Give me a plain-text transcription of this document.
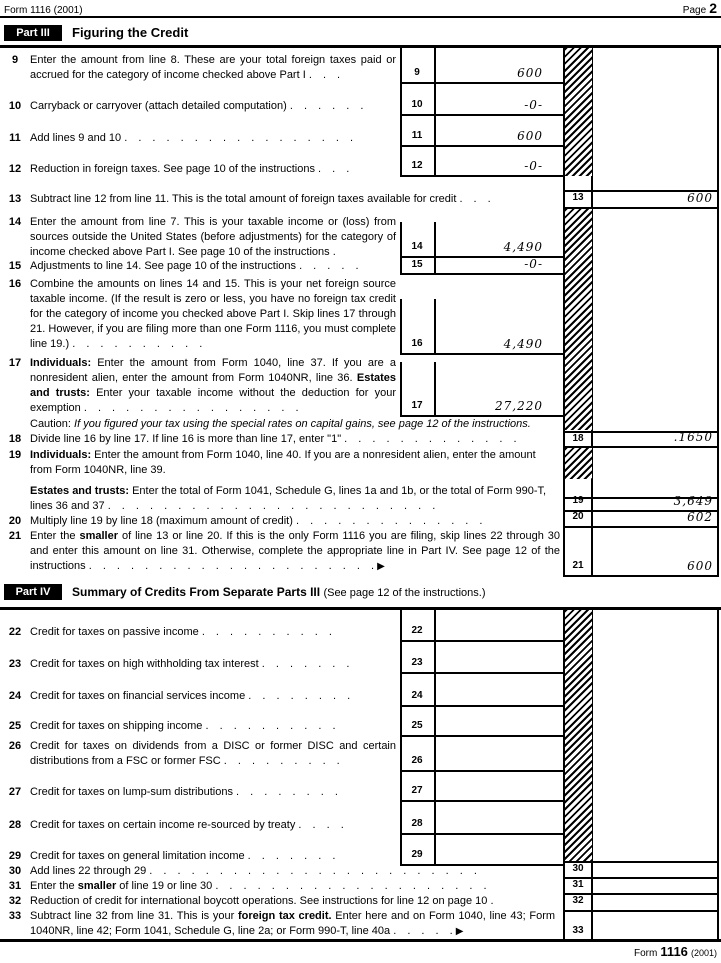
Form 1116 (2001)	Page 2
Part III	Figuring the Credit
9	Enter the amount from line 8. These are your total foreign taxes paid or accrued for the category of income checked above Part I . . .	9	600
10 Carryback or carryover (attach detailed computation) . . . . . .	10	-0-
11 Add lines 9 and 10 . . . . . . . . . . . . . . . . .	11	600
12 Reduction in foreign taxes. See page 10 of the instructions . . .	12	-0-
13 Subtract line 12 from line 11. This is the total amount of foreign taxes available for credit . . .	13	600
14 Enter the amount from line 7. This is your taxable income or (loss) from sources outside the United States (before adjustments) for the category of income checked above Part I. See page 10 of the instructions .	14	4,490
15 Adjustments to line 14. See page 10 of the instructions . . . . .	15	-0-
16 Combine the amounts on lines 14 and 15. This is your net foreign source taxable income. (If the result is zero or less, you have no foreign tax credit for the category of income you checked above Part I. Skip lines 17 through 21. However, if you are filing more than one Form 1116, you must complete line 19.) . . . . . . . . . .	16	4,490
17 Individuals: Enter the amount from Form 1040, line 37. If you are a nonresident alien, enter the amount from Form 1040NR, line 36. Estates and trusts: Enter your taxable income without the deduction for your exemption . . . . . . . . . . . . . . . .	17	27,220
Caution: If you figured your tax using the special rates on capital gains, see page 12 of the instructions.
18 Divide line 16 by line 17. If line 16 is more than line 17, enter "1" . . . . . . . . . . . . .	18	.1650
19 Individuals: Enter the amount from Form 1040, line 40. If you are a nonresident alien, enter the amount from Form 1040NR, line 39.
Estates and trusts: Enter the total of Form 1041, Schedule G, lines 1a and 1b, or the total of Form 990-T, lines 36 and 37 . . . . . . . . . . . . . . . . . . . . . . . .	19	3,649
20 Multiply line 19 by line 18 (maximum amount of credit) . . . . . . . . . . . . . .	20	602
21 Enter the smaller of line 13 or line 20. If this is the only Form 1116 you are filing, skip lines 22 through 30 and enter this amount on line 31. Otherwise, complete the appropriate line in Part IV. See page 12 of the instructions . . . . . . . . . . . . . . . . . . . . . ▶	21	600
Part IV	Summary of Credits From Separate Parts III (See page 12 of the instructions.)
22 Credit for taxes on passive income . . . . . . . . . .	22
23 Credit for taxes on high withholding tax interest . . . . . . .	23
24 Credit for taxes on financial services income . . . . . . . .	24
25 Credit for taxes on shipping income . . . . . . . . . .	25
26 Credit for taxes on dividends from a DISC or former DISC and certain distributions from a FSC or former FSC . . . . . . . . .	26
27 Credit for taxes on lump-sum distributions . . . . . . . .	27
28 Credit for taxes on certain income re-sourced by treaty . . . .	28
29 Credit for taxes on general limitation income . . . . . . .	29
30 Add lines 22 through 29 . . . . . . . . . . . . . . . . . . . . . . . .	30
31 Enter the smaller of line 19 or line 30 . . . . . . . . . . . . . . . . . . . .	31
32 Reduction of credit for international boycott operations. See instructions for line 12 on page 10 .	32
33 Subtract line 32 from line 31. This is your foreign tax credit. Enter here and on Form 1040, line 43; Form 1040NR, line 42; Form 1041, Schedule G, line 2a; or Form 990-T, line 40a . . . . . ▶	33
Form 1116 (2001)
